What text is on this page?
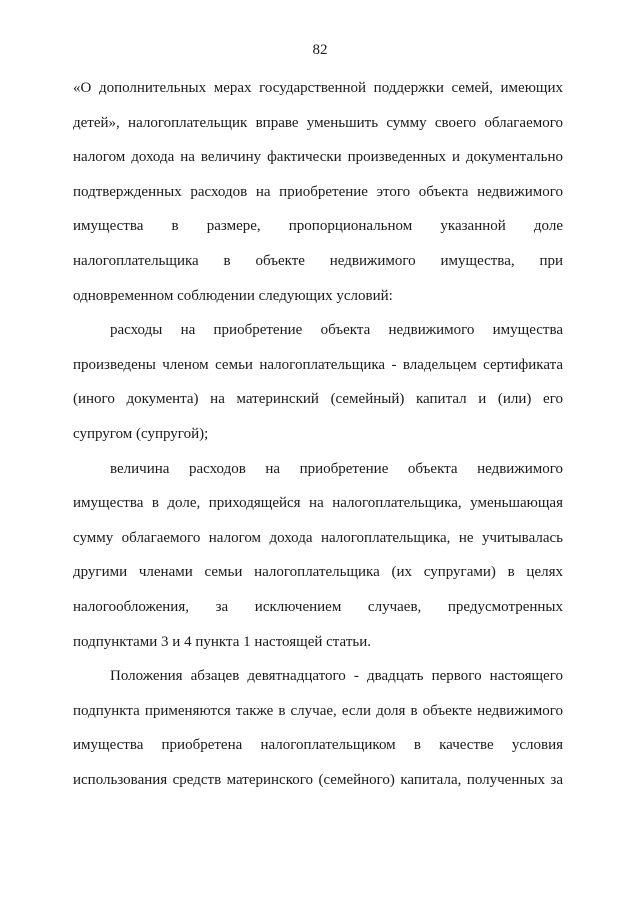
82
«О дополнительных мерах государственной поддержки семей, имеющих
детей», налогоплательщик вправе уменьшить сумму своего облагаемого
налогом дохода на величину фактически произведенных и документально
подтвержденных расходов на приобретение этого объекта недвижимого
имущества в размере, пропорциональном указанной доле
налогоплательщика в объекте недвижимого имущества, при
одновременном соблюдении следующих условий:
расходы на приобретение объекта недвижимого имущества
произведены членом семьи налогоплательщика - владельцем сертификата
(иного документа) на материнский (семейный) капитал и (или) его
супругом (супругой);
величина расходов на приобретение объекта недвижимого
имущества в доле, приходящейся на налогоплательщика, уменьшающая
сумму облагаемого налогом дохода налогоплательщика, не учитывалась
другими членами семьи налогоплательщика (их супругами) в целях
налогообложения, за исключением случаев, предусмотренных
подпунктами 3 и 4 пункта 1 настоящей статьи.
Положения абзацев девятнадцатого - двадцать первого настоящего
подпункта применяются также в случае, если доля в объекте недвижимого
имущества приобретена налогоплательщиком в качестве условия
использования средств материнского (семейного) капитала, полученных за
